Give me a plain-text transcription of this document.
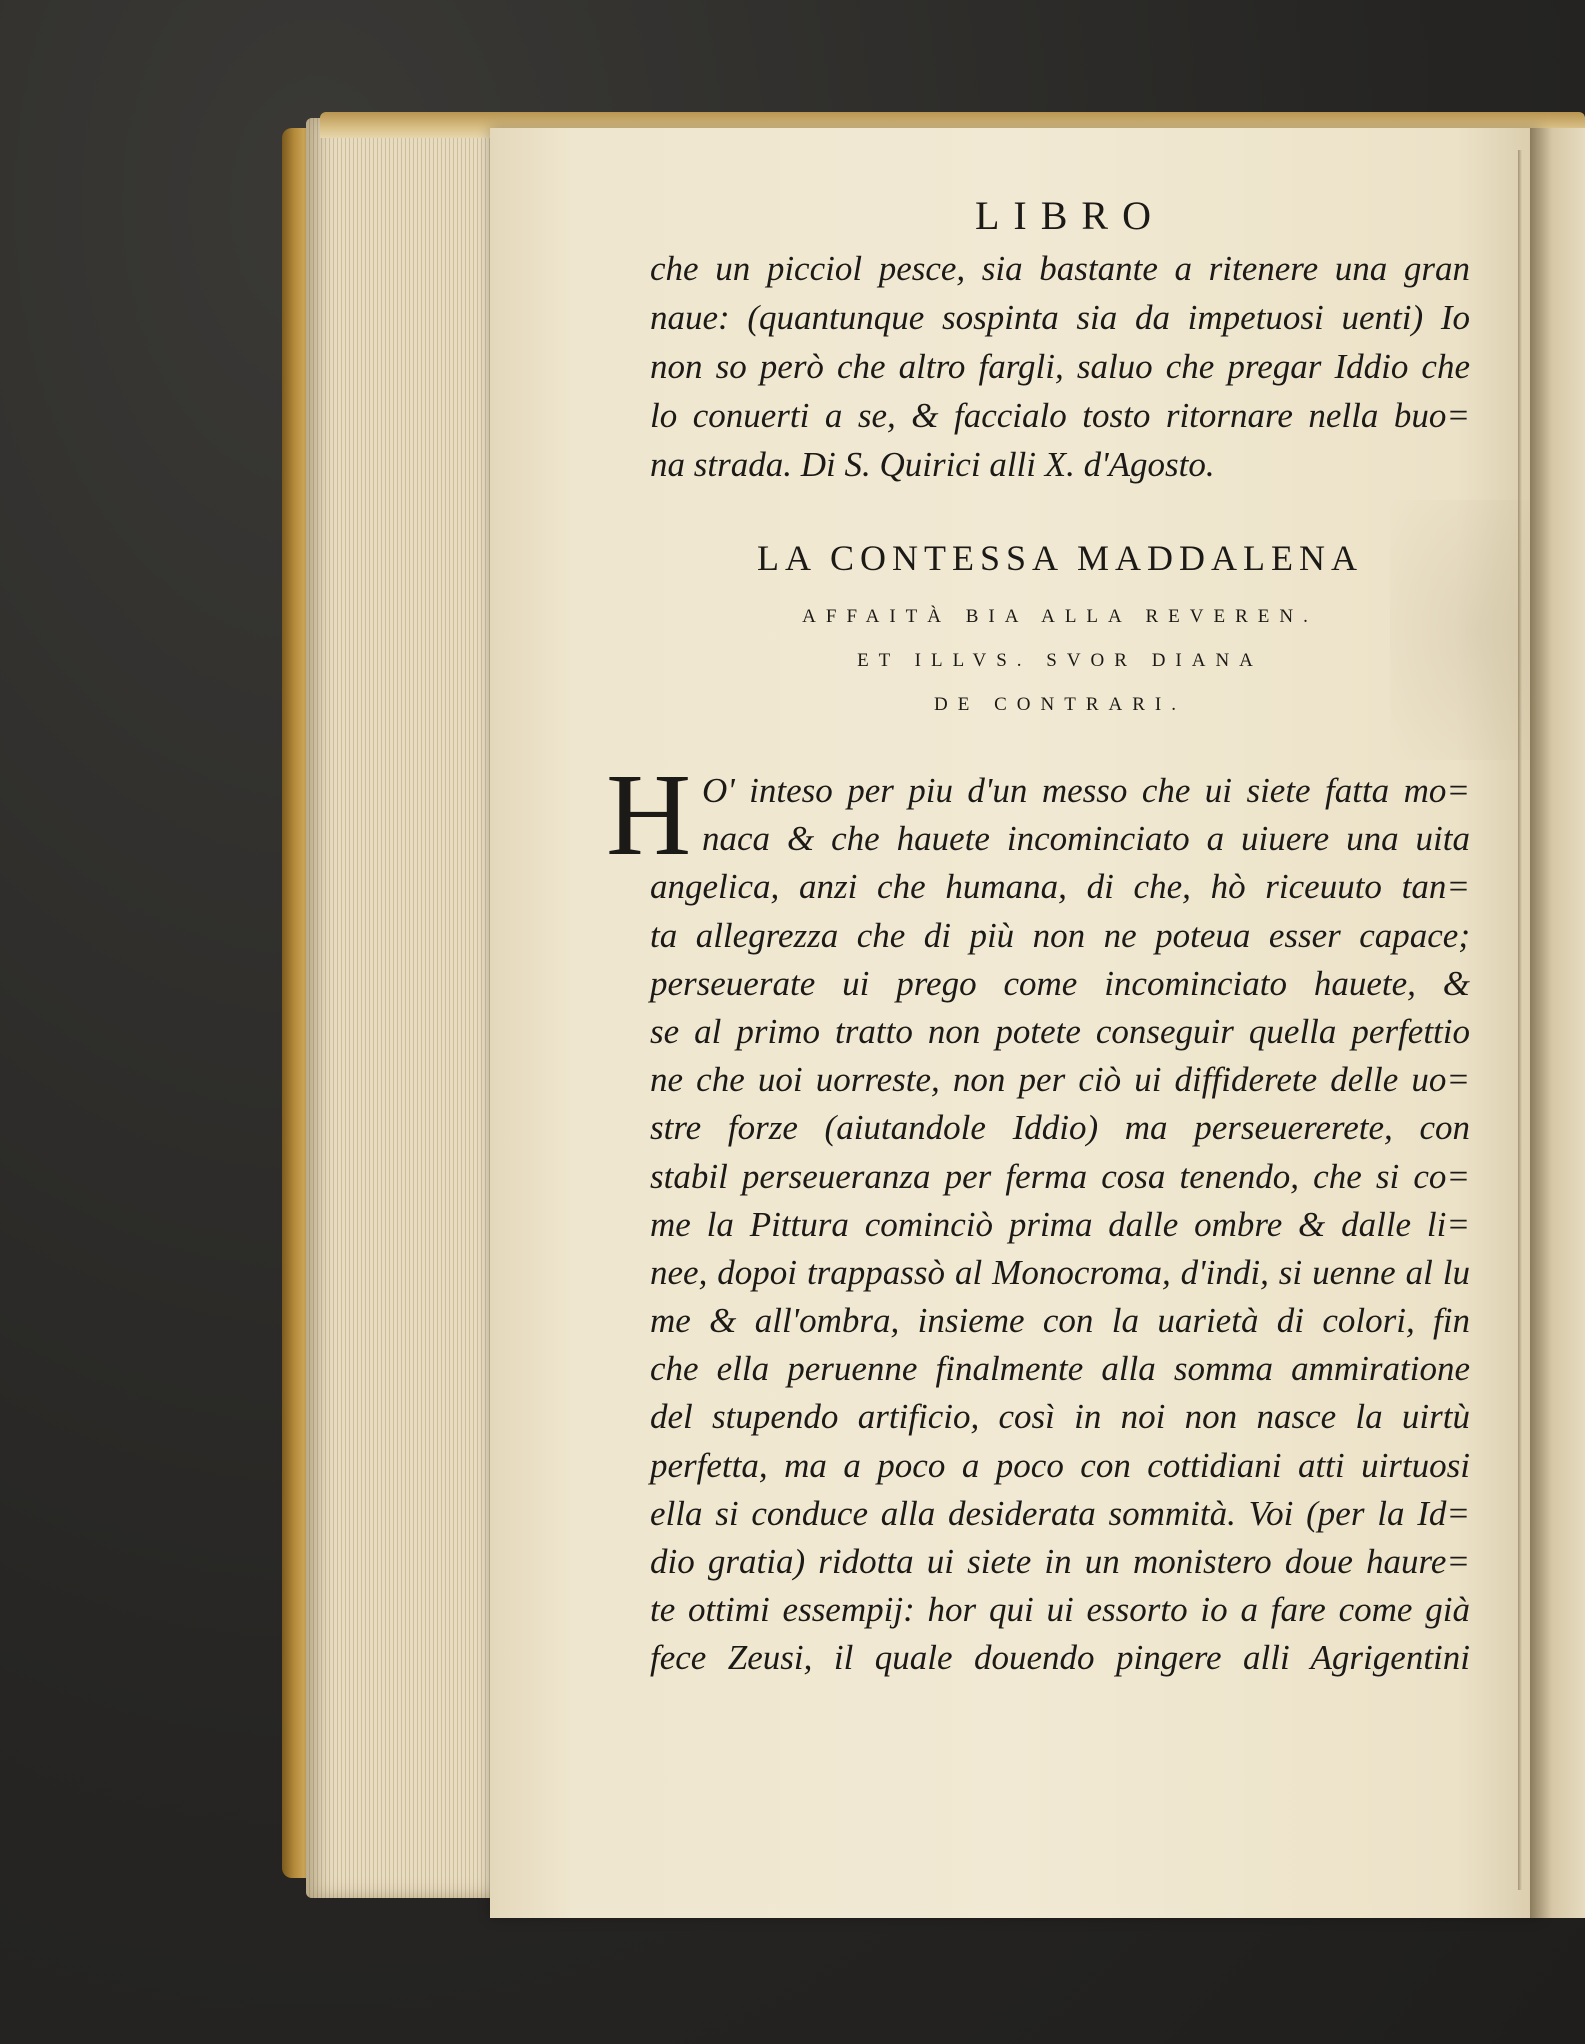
LIBRO
che un picciol pesce, sia bastante a ritenere una gran
naue: (quantunque sospinta sia da impetuosi uenti) Io
non so però che altro fargli, saluo che pregar Iddio che
lo conuerti a se, & faccialo tosto ritornare nella buo=
na strada. Di S. Quirici alli X. d'Agosto.
LA CONTESSA MADDALENA
AFFAITÀ BIA ALLA REVEREN.
ET ILLVS. SVOR DIANA
DE CONTRARI.
H O' inteso per piu d'un messo che ui siete fatta mo=
naca & che hauete incominciato a uiuere una uita
angelica, anzi che humana, di che, hò riceuuto tan=
ta allegrezza che di più non ne poteua esser capace;
perseuerate ui prego come incominciato hauete, &
se al primo tratto non potete conseguir quella perfettio
ne che uoi uorreste, non per ciò ui diffiderete delle uo=
stre forze (aiutandole Iddio) ma perseuererete, con
stabil perseueranza per ferma cosa tenendo, che si co=
me la Pittura cominciò prima dalle ombre & dalle li=
nee, dopoi trappassò al Monocroma, d'indi, si uenne al lu
me & all'ombra, insieme con la uarietà di colori, fin
che ella peruenne finalmente alla somma ammiratione
del stupendo artificio, così in noi non nasce la uirtù
perfetta, ma a poco a poco con cottidiani atti uirtuosi
ella si conduce alla desiderata sommità. Voi (per la Id=
dio gratia) ridotta ui siete in un monistero doue haure=
te ottimi essempij: hor qui ui essorto io a fare come già
fece Zeusi, il quale douendo pingere alli Agrigentini
